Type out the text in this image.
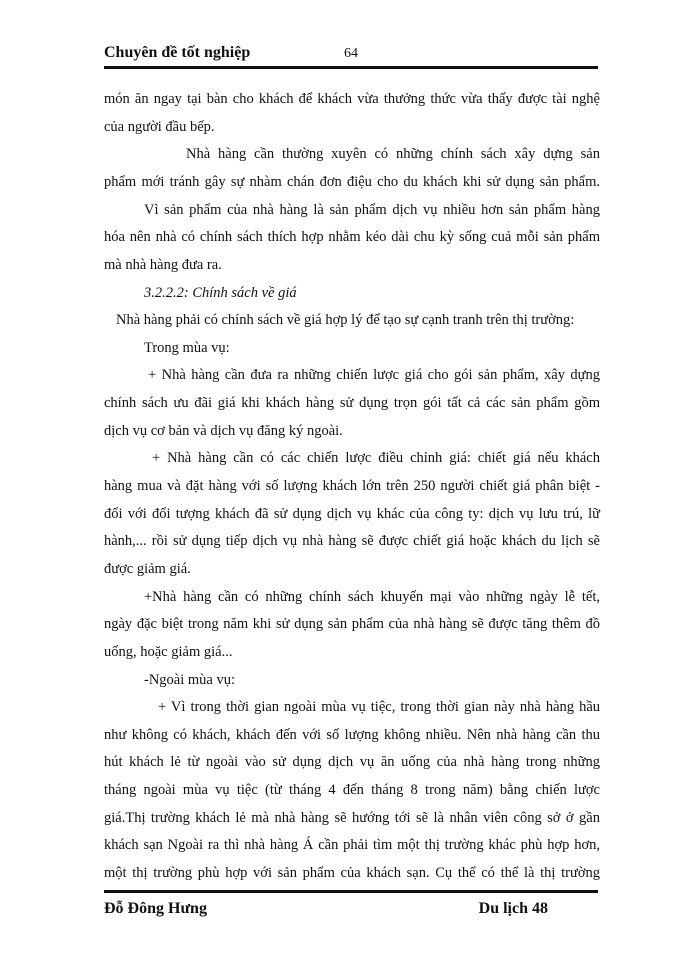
Chuyên đề tốt nghiệp	64
món ăn ngay tại bàn cho khách để khách vừa thưởng thức vừa thấy được tài nghệ
của người đầu bếp.
Nhà hàng cần thường xuyên có những chính sách xây dựng sản
phẩm mới tránh gây sự nhàm chán đơn điệu cho du khách khi sử dụng sản phẩm.
Vì sản phẩm của nhà hàng là sản phẩm dịch vụ nhiều hơn sản phẩm hàng
hóa nên nhà có chính sách thích hợp nhằm kéo dài chu kỳ sống cuả mỗi sản phẩm
mà nhà hàng đưa ra.
3.2.2.2: Chính sách về giá
Nhà hàng phải có chính sách về giá hợp lý để tạo sự cạnh tranh trên thị trường:
Trong mùa vụ:
+ Nhà hàng cần đưa ra những chiến lược giá cho gói sản phẩm, xây dựng
chính sách ưu đãi giá khi khách hàng sử dụng trọn gói tất cả các sản phẩm gồm
dịch vụ cơ bản và dịch vụ đăng ký ngoài.
+ Nhà hàng cần có các chiến lược điều chỉnh giá: chiết giá nếu khách
hàng mua và đặt hàng với số lượng khách lớn trên 250 người chiết giá phân biệt -
đối với đối tượng khách đã sử dụng dịch vụ khác của công ty: dịch vụ lưu trú, lữ
hành,... rồi sử dụng tiếp dịch vụ nhà hàng sẽ được chiết giá hoặc khách du lịch sẽ
được giảm giá.
+Nhà hàng cần có những chính sách khuyến mại vào những ngày lễ tết,
ngày đặc biệt trong năm khi sử dụng sản phẩm của nhà hàng sẽ được tăng thêm đồ
uống, hoặc giảm giá...
-Ngoài mùa vụ:
+ Vì trong thời gian ngoài mùa vụ tiệc, trong thời gian này nhà hàng hầu
như không có khách, khách đến với số lượng không nhiều. Nên nhà hàng cần thu
hút khách lẻ từ ngoài vào sử dụng dịch vụ ăn uống của nhà hàng trong những
tháng ngoài mùa vụ tiệc (từ tháng 4 đến tháng 8 trong năm) bằng chiến lược
giá.Thị trường khách lẻ mà nhà hàng sẽ hướng tới sẽ là nhân viên công sở ở gần
khách sạn Ngoài ra thì nhà hàng Á cần phải tìm một thị trường khác phù hợp hơn,
một thị trường phù hợp với sản phẩm của khách sạn. Cụ thể có thể là thị trường
Đỗ Đông Hưng	Du lịch 48
